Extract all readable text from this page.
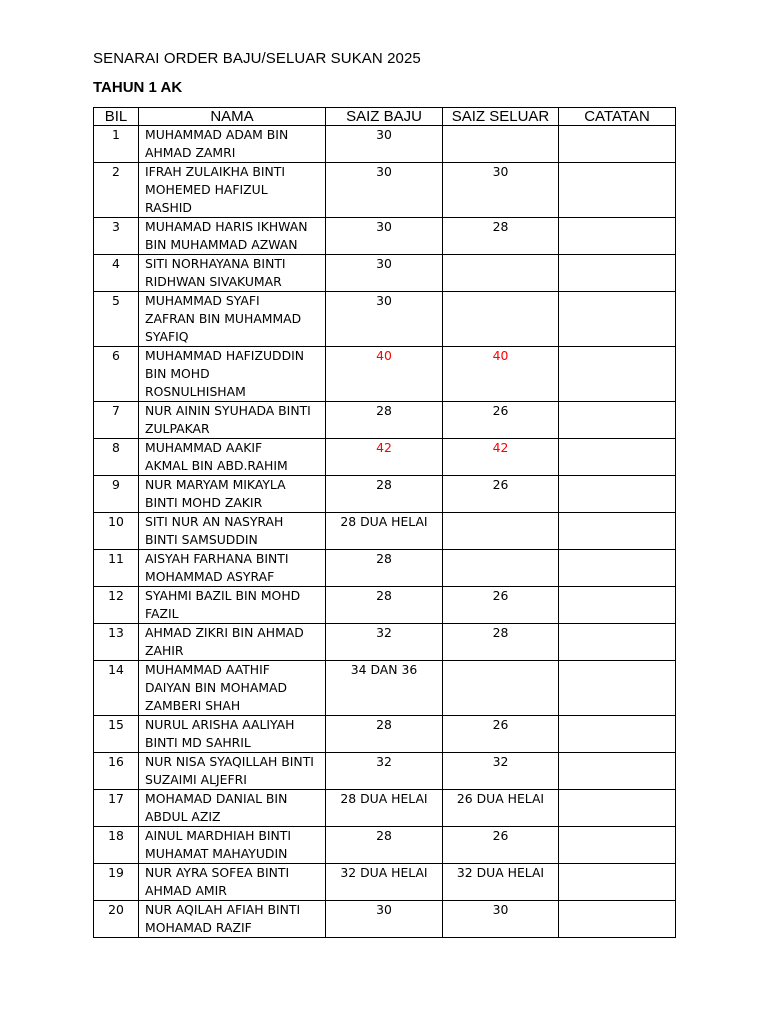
SENARAI ORDER BAJU/SELUAR SUKAN 2025
TAHUN 1 AK
BIL	NAMA	SAIZ BAJU	SAIZ SELUAR	CATATAN
1	MUHAMMAD ADAM BIN
AHMAD ZAMRI	30		
2	IFRAH ZULAIKHA BINTI
MOHEMED HAFIZUL
RASHID	30	30	
3	MUHAMAD HARIS IKHWAN
BIN MUHAMMAD AZWAN	30	28	
4	SITI NORHAYANA BINTI
RIDHWAN SIVAKUMAR	30		
5	MUHAMMAD SYAFI
ZAFRAN BIN MUHAMMAD
SYAFIQ	30		
6	MUHAMMAD HAFIZUDDIN
BIN MOHD
ROSNULHISHAM	40	40	
7	NUR AININ SYUHADA BINTI
ZULPAKAR	28	26	
8	MUHAMMAD AAKIF
AKMAL BIN ABD.RAHIM	42	42	
9	NUR MARYAM MIKAYLA
BINTI MOHD ZAKIR	28	26	
10	SITI NUR AN NASYRAH
BINTI SAMSUDDIN	28 DUA HELAI		
11	AISYAH FARHANA BINTI
MOHAMMAD ASYRAF	28		
12	SYAHMI BAZIL BIN MOHD
FAZIL	28	26	
13	AHMAD ZIKRI BIN AHMAD
ZAHIR	32	28	
14	MUHAMMAD AATHIF
DAIYAN BIN MOHAMAD
ZAMBERI SHAH	34 DAN 36		
15	NURUL ARISHA AALIYAH
BINTI MD SAHRIL	28	26	
16	NUR NISA SYAQILLAH BINTI
SUZAIMI ALJEFRI	32	32	
17	MOHAMAD DANIAL BIN
ABDUL AZIZ	28 DUA HELAI	26 DUA HELAI	
18	AINUL MARDHIAH BINTI
MUHAMAT MAHAYUDIN	28	26	
19	NUR AYRA SOFEA BINTI
AHMAD AMIR	32 DUA HELAI	32 DUA HELAI	
20	NUR AQILAH AFIAH BINTI
MOHAMAD RAZIF	30	30	
